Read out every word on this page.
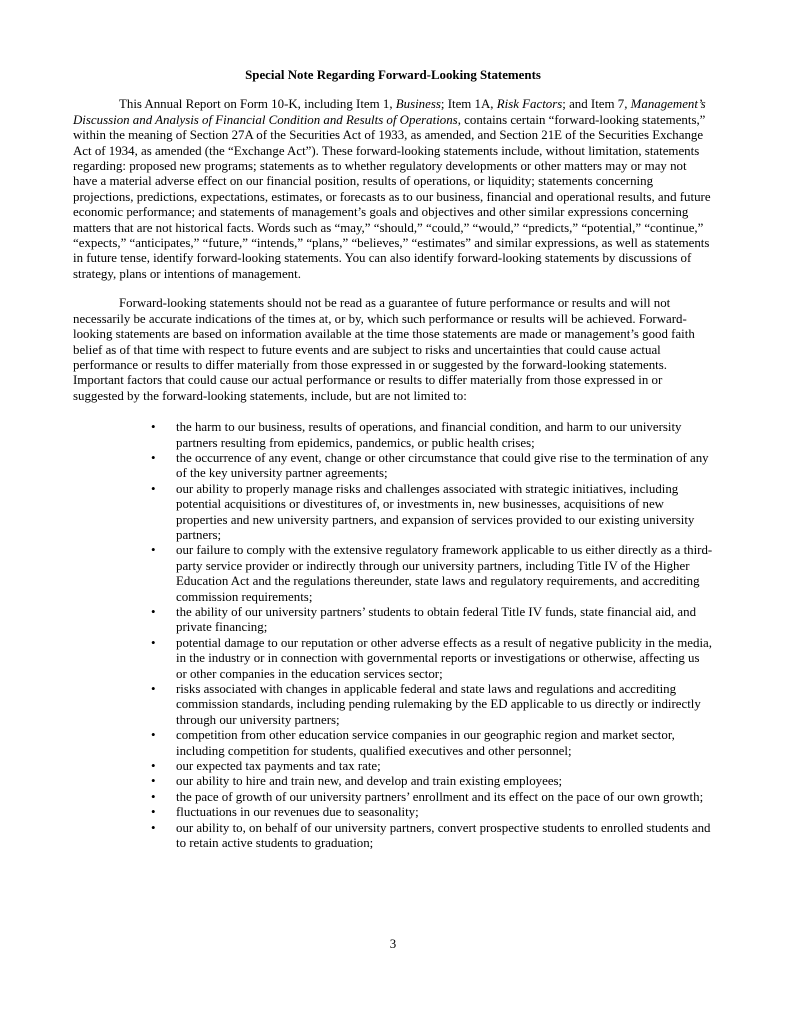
Special Note Regarding Forward-Looking Statements

This Annual Report on Form 10-K, including Item 1, Business; Item 1A, Risk Factors; and Item 7, Management’s Discussion and Analysis of Financial Condition and Results of Operations, contains certain “forward-looking statements,” within the meaning of Section 27A of the Securities Act of 1933, as amended, and Section 21E of the Securities Exchange Act of 1934, as amended (the “Exchange Act”). These forward-looking statements include, without limitation, statements regarding: proposed new programs; statements as to whether regulatory developments or other matters may or may not have a material adverse effect on our financial position, results of operations, or liquidity; statements concerning projections, predictions, expectations, estimates, or forecasts as to our business, financial and operational results, and future economic performance; and statements of management’s goals and objectives and other similar expressions concerning matters that are not historical facts. Words such as “may,” “should,” “could,” “would,” “predicts,” “potential,” “continue,” “expects,” “anticipates,” “future,” “intends,” “plans,” “believes,” “estimates” and similar expressions, as well as statements in future tense, identify forward-looking statements. You can also identify forward-looking statements by discussions of strategy, plans or intentions of management.

Forward-looking statements should not be read as a guarantee of future performance or results and will not necessarily be accurate indications of the times at, or by, which such performance or results will be achieved. Forward-looking statements are based on information available at the time those statements are made or management’s good faith belief as of that time with respect to future events and are subject to risks and uncertainties that could cause actual performance or results to differ materially from those expressed in or suggested by the forward-looking statements. Important factors that could cause our actual performance or results to differ materially from those expressed in or suggested by the forward-looking statements, include, but are not limited to:

• the harm to our business, results of operations, and financial condition, and harm to our university partners resulting from epidemics, pandemics, or public health crises;
• the occurrence of any event, change or other circumstance that could give rise to the termination of any of the key university partner agreements;
• our ability to properly manage risks and challenges associated with strategic initiatives, including potential acquisitions or divestitures of, or investments in, new businesses, acquisitions of new properties and new university partners, and expansion of services provided to our existing university partners;
• our failure to comply with the extensive regulatory framework applicable to us either directly as a third-party service provider or indirectly through our university partners, including Title IV of the Higher Education Act and the regulations thereunder, state laws and regulatory requirements, and accrediting commission requirements;
• the ability of our university partners’ students to obtain federal Title IV funds, state financial aid, and private financing;
• potential damage to our reputation or other adverse effects as a result of negative publicity in the media, in the industry or in connection with governmental reports or investigations or otherwise, affecting us or other companies in the education services sector;
• risks associated with changes in applicable federal and state laws and regulations and accrediting commission standards, including pending rulemaking by the ED applicable to us directly or indirectly through our university partners;
• competition from other education service companies in our geographic region and market sector, including competition for students, qualified executives and other personnel;
• our expected tax payments and tax rate;
• our ability to hire and train new, and develop and train existing employees;
• the pace of growth of our university partners’ enrollment and its effect on the pace of our own growth;
• fluctuations in our revenues due to seasonality;
• our ability to, on behalf of our university partners, convert prospective students to enrolled students and to retain active students to graduation;
3
